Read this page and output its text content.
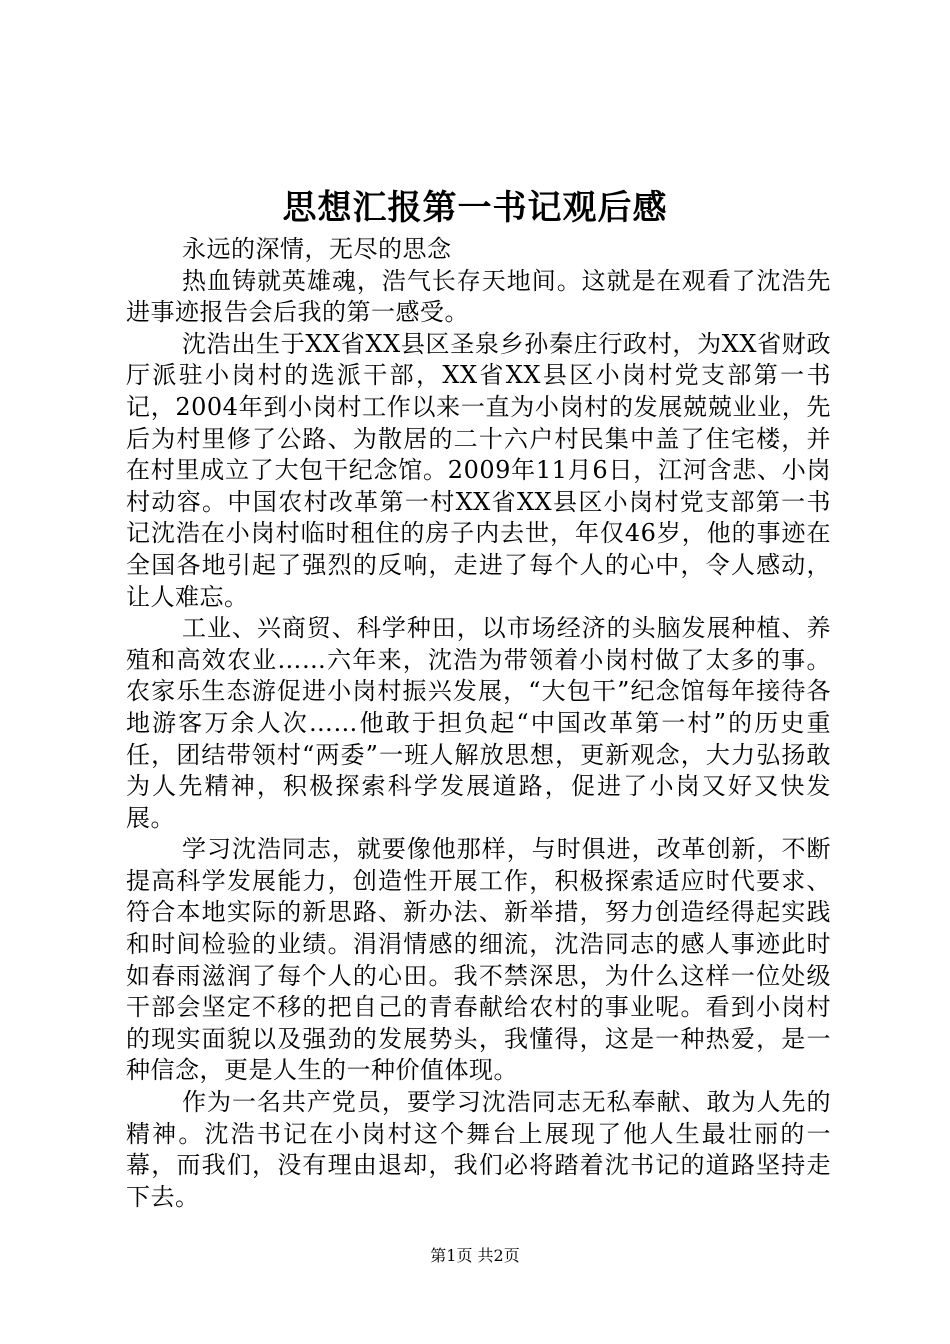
思想汇报第一书记观后感

永远的深情，无尽的思念

热血铸就英雄魂，浩气长存天地间。这就是在观看了沈浩先进事迹报告会后我的第一感受。

沈浩出生于XX省XX县区圣泉乡孙秦庄行政村，为XX省财政厅派驻小岗村的选派干部，XX省XX县区小岗村党支部第一书记，2004年到小岗村工作以来一直为小岗村的发展兢兢业业，先后为村里修了公路、为散居的二十六户村民集中盖了住宅楼，并在村里成立了大包干纪念馆。2009年11月6日，江河含悲、小岗村动容。中国农村改革第一村XX省XX县区小岗村党支部第一书记沈浩在小岗村临时租住的房子内去世，年仅46岁，他的事迹在全国各地引起了强烈的反响，走进了每个人的心中，令人感动，让人难忘。

工业、兴商贸、科学种田，以市场经济的头脑发展种植、养殖和高效农业……六年来，沈浩为带领着小岗村做了太多的事。农家乐生态游促进小岗村振兴发展，“大包干”纪念馆每年接待各地游客万余人次……他敢于担负起“中国改革第一村”的历史重任，团结带领村“两委”一班人解放思想，更新观念，大力弘扬敢为人先精神，积极探索科学发展道路，促进了小岗又好又快发展。

学习沈浩同志，就要像他那样，与时俱进，改革创新，不断提高科学发展能力，创造性开展工作，积极探索适应时代要求、符合本地实际的新思路、新办法、新举措，努力创造经得起实践和时间检验的业绩。涓涓情感的细流，沈浩同志的感人事迹此时如春雨滋润了每个人的心田。我不禁深思，为什么这样一位处级干部会坚定不移的把自己的青春献给农村的事业呢。看到小岗村的现实面貌以及强劲的发展势头，我懂得，这是一种热爱，是一种信念，更是人生的一种价值体现。

作为一名共产党员，要学习沈浩同志无私奉献、敢为人先的精神。沈浩书记在小岗村这个舞台上展现了他人生最壮丽的一幕，而我们，没有理由退却，我们必将踏着沈书记的道路坚持走下去。

第1页 共2页
